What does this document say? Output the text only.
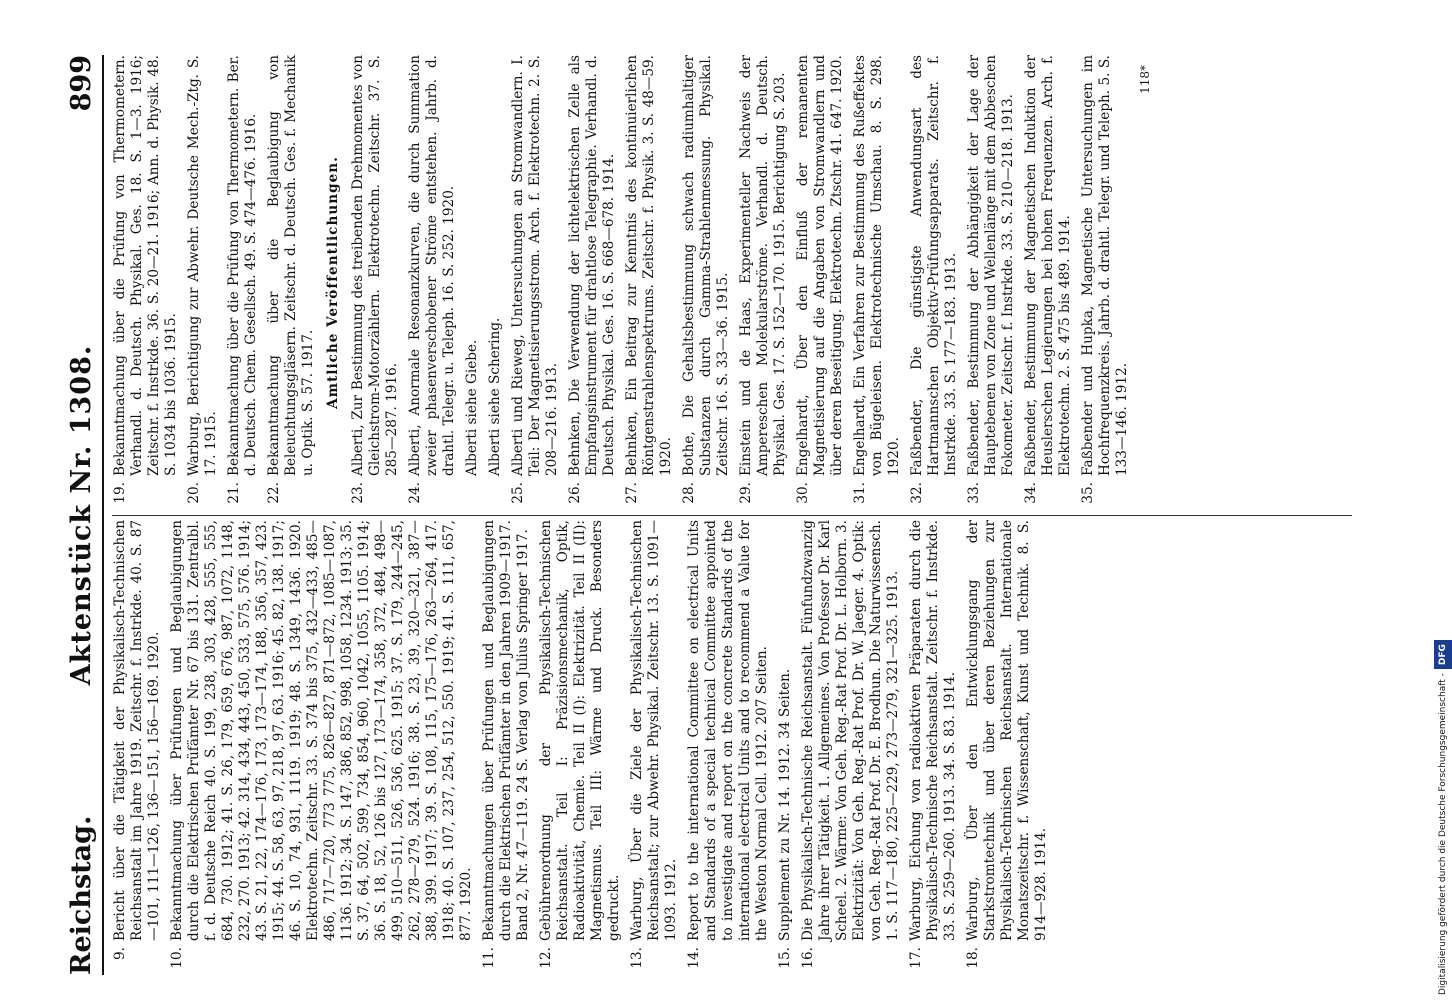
Reichstag.
Aktenstück Nr. 1308.
899
9.
Bericht über die Tätigkeit der Physikalisch-Technischen Reichsanstalt im Jahre 1919. Zeitschr. f. Instrkde. 40. S. 87—101, 111—126, 136—151, 156—169. 1920.
10.
Bekanntmachung über Prüfungen und Beglaubigungen durch die Elektrischen Prüfämter Nr. 67 bis 131. Zentralbl. f. d. Deutsche Reich 40. S. 199, 238, 303, 428, 555, 555, 684, 730. 1912; 41. S. 26, 179, 659, 676, 987, 1072, 1148, 232, 270. 1913; 42. 314, 434, 443, 450, 533, 575, 576. 1914; 43. S. 21, 22, 174—176, 173, 173—174, 188, 356, 357, 423. 1915; 44. S. 58, 63, 97, 218, 97, 63. 1916; 45. 82, 138. 1917; 46. S. 10, 74, 931, 1119. 1919; 48. S. 1349, 1436. 1920. Elektrotechn. Zeitschr. 33. S. 374 bis 375, 432—433, 485—486, 717—720, 773 775, 826—827, 871—872, 1085—1087, 1136. 1912; 34. S. 147, 386, 852, 998, 1058, 1234. 1913; 35. S. 37, 64, 502, 599, 734, 854, 960, 1042, 1055, 1105. 1914; 36. S. 18, 52, 126 bis 127, 173—174, 358, 372, 484, 498—499, 510—511, 526, 536, 625. 1915; 37. S. 179, 244—245, 262, 278—279, 524. 1916; 38. S. 23, 39, 320—321, 387—388, 399. 1917; 39. S. 108, 115, 175—176, 263—264, 417. 1918; 40. S. 107, 237, 254, 512, 550. 1919; 41. S. 111, 657, 877. 1920.
11.
Bekanntmachungen über Prüfungen und Beglaubigungen durch die Elektrischen Prüfämter in den Jahren 1909—1917. Band 2, Nr. 47—119. 24 S. Verlag von Julius Springer 1917.
12.
Gebührenordnung der Physikalisch-Technischen Reichsanstalt. Teil I: Präzisionsmechanik, Optik, Radioaktivität, Chemie. Teil II (I): Elektrizität. Teil II (II): Magnetismus. Teil III: Wärme und Druck. Besonders gedruckt.
13.
Warburg, Über die Ziele der Physikalisch-Technischen Reichsanstalt; zur Abwehr. Physikal. Zeitschr. 13. S. 1091—1093. 1912.
14.
Report to the international Committee on electrical Units and Standards of a special technical Committee appointed to investigate and report on the concrete Standards of the international electrical Units and to recommend a Value for the Weston Normal Cell. 1912. 207 Seiten.
15.
Supplement zu Nr. 14. 1912. 34 Seiten.
16.
Die Physikalisch-Technische Reichsanstalt. Fünfundzwanzig Jahre ihrer Tätigkeit. 1. Allgemeines. Von Professor Dr. Karl Scheel. 2. Wärme: Von Geh. Reg.-Rat Prof. Dr. L. Holborn. 3. Elektrizität: Von Geh. Reg.-Rat Prof. Dr. W. Jaeger. 4. Optik: von Geh. Reg.-Rat Prof. Dr. E. Brodhun. Die Naturwissensch. 1. S. 117—180, 225—229, 273—279, 321—325. 1913.
17.
Warburg, Eichung von radioaktiven Präparaten durch die Physikalisch-Technische Reichsanstalt. Zeitschr. f. Instrkde. 33. S. 259—260. 1913. 34. S. 83. 1914.
18.
Warburg, Über den Entwicklungsgang der Starkstromtechnik und über deren Beziehungen zur Physikalisch-Technischen Reichsanstalt. Internationale Monatszeitschr. f. Wissenschaft, Kunst und Technik. 8. S. 914—928. 1914.
19.
Bekanntmachung über die Prüfung von Thermometern. Verhandl. d. Deutsch. Physikal. Ges. 18. S. 1—3. 1916; Zeitschr. f. Instrkde. 36. S. 20—21. 1916; Ann. d. Physik. 48. S. 1034 bis 1036. 1915.
20.
Warburg, Berichtigung zur Abwehr. Deutsche Mech.-Ztg. S. 17. 1915.
21.
Bekanntmachung über die Prüfung von Thermometern. Ber. d. Deutsch. Chem. Gesellsch. 49. S. 474—476. 1916.
22.
Bekanntmachung über die Beglaubigung von Beleuchtungsgläsern. Zeitschr. d. Deutsch. Ges. f. Mechanik u. Optik. S. 57. 1917. Amtliche Veröffentlichungen.
23.
Alberti, Zur Bestimmung des treibenden Drehmomentes von Gleichstrom-Motorzählern. Elektrotechn. Zeitschr. 37. S. 285—287. 1916.
24.
Alberti, Anormale Resonanzkurven, die durch Summation zweier phasenverschobener Ströme entstehen. Jahrb. d. drahtl. Telegr. u. Teleph. 16. S. 252. 1920. Alberti siehe Giebe. Alberti siehe Schering.
25.
Alberti und Rieweg, Untersuchungen an Stromwandlern. I. Teil: Der Magnetisierungsstrom. Arch. f. Elektrotechn. 2. S. 208—216. 1913.
26.
Behnken, Die Verwendung der lichtelektrischen Zelle als Empfangsinstrument für drahtlose Telegraphie. Verhandl. d. Deutsch. Physikal. Ges. 16. S. 668—678. 1914.
27.
Behnken, Ein Beitrag zur Kenntnis des kontinuierlichen Röntgenstrahlenspektrums. Zeitschr. f. Physik. 3. S. 48—59. 1920.
28.
Bothe, Die Gehaltsbestimmung schwach radiumhaltiger Substanzen durch Gamma-Strahlenmessung. Physikal. Zeitschr. 16. S. 33—36. 1915.
29.
Einstein und de Haas, Experimenteller Nachweis der Ampereschen Molekularströme. Verhandl. d. Deutsch. Physikal. Ges. 17. S. 152—170. 1915. Berichtigung S. 203.
30.
Engelhardt, Über den Einfluß der remanenten Magnetisierung auf die Angaben von Stromwandlern und über deren Beseitigung. Elektrotechn. Ztschr. 41. 647. 1920.
31.
Engelhardt, Ein Verfahren zur Bestimmung des Rußeffektes von Bügeleisen. Elektrotechnische Umschau. 8. S. 298. 1920.
32.
Faßbender, Die günstigste Anwendungsart des Hartmannschen Objektiv-Prüfungsapparats. Zeitschr. f. Instrkde. 33. S. 177—183. 1913.
33.
Faßbender, Bestimmung der Abhängigkeit der Lage der Hauptebenen von Zone und Wellenlänge mit dem Abbeschen Fokometer. Zeitschr. f. Instrkde. 33. S. 210—218. 1913.
34.
Faßbender, Bestimmung der Magnetischen Induktion der Heuslerschen Legierungen bei hohen Frequenzen. Arch. f. Elektrotechn. 2. S. 475 bis 489. 1914.
35.
Faßbender und Hupka, Magnetische Untersuchungen im Hochfrequenzkreis. Jahrb. d. drahtl. Telegr. und Teleph. 5. S. 133—146. 1912.
118*
Digitalisierung gefördert durch die Deutsche Forschungsgemeinschaft -DFG
